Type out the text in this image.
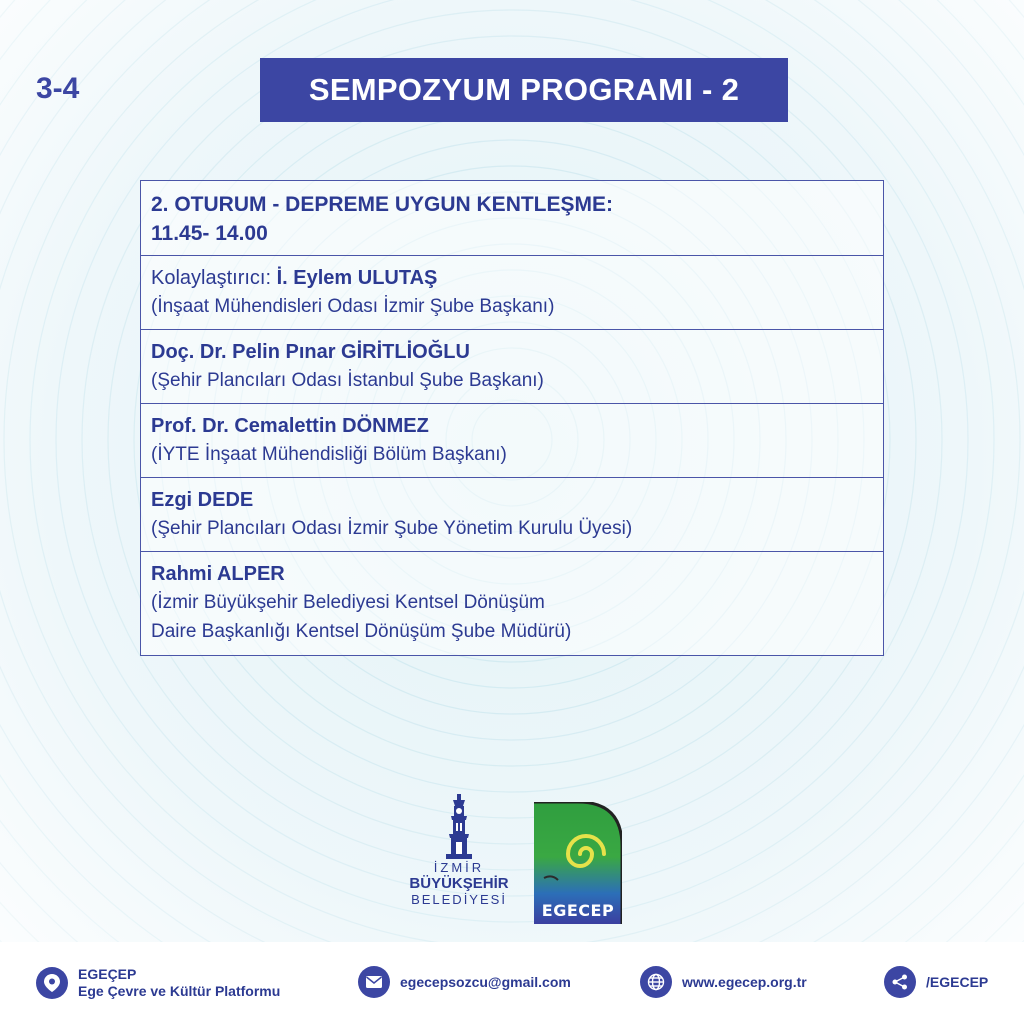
3-4	SEMPOZYUM PROGRAMI - 2
2. OTURUM - DEPREME UYGUN KENTLEŞME:
11.45- 14.00
Kolaylaştırıcı: İ. Eylem ULUTAŞ
(İnşaat Mühendisleri Odası İzmir Şube Başkanı)
Doç. Dr. Pelin Pınar GİRİTLİOĞLU
(Şehir Plancıları Odası İstanbul Şube Başkanı)
Prof. Dr. Cemalettin DÖNMEZ
(İYTE İnşaat Mühendisliği Bölüm Başkanı)
Ezgi DEDE
(Şehir Plancıları Odası İzmir Şube Yönetim Kurulu Üyesi)
Rahmi ALPER
(İzmir Büyükşehir Belediyesi Kentsel Dönüşüm
Daire Başkanlığı Kentsel Dönüşüm Şube Müdürü)
İZMİR
BÜYÜKŞEHİR
BELEDİYESİ
EGECEP
EGEÇEP
Ege Çevre ve Kültür Platformu
egecepsozcu@gmail.com	www.egecep.org.tr	/EGECEP
